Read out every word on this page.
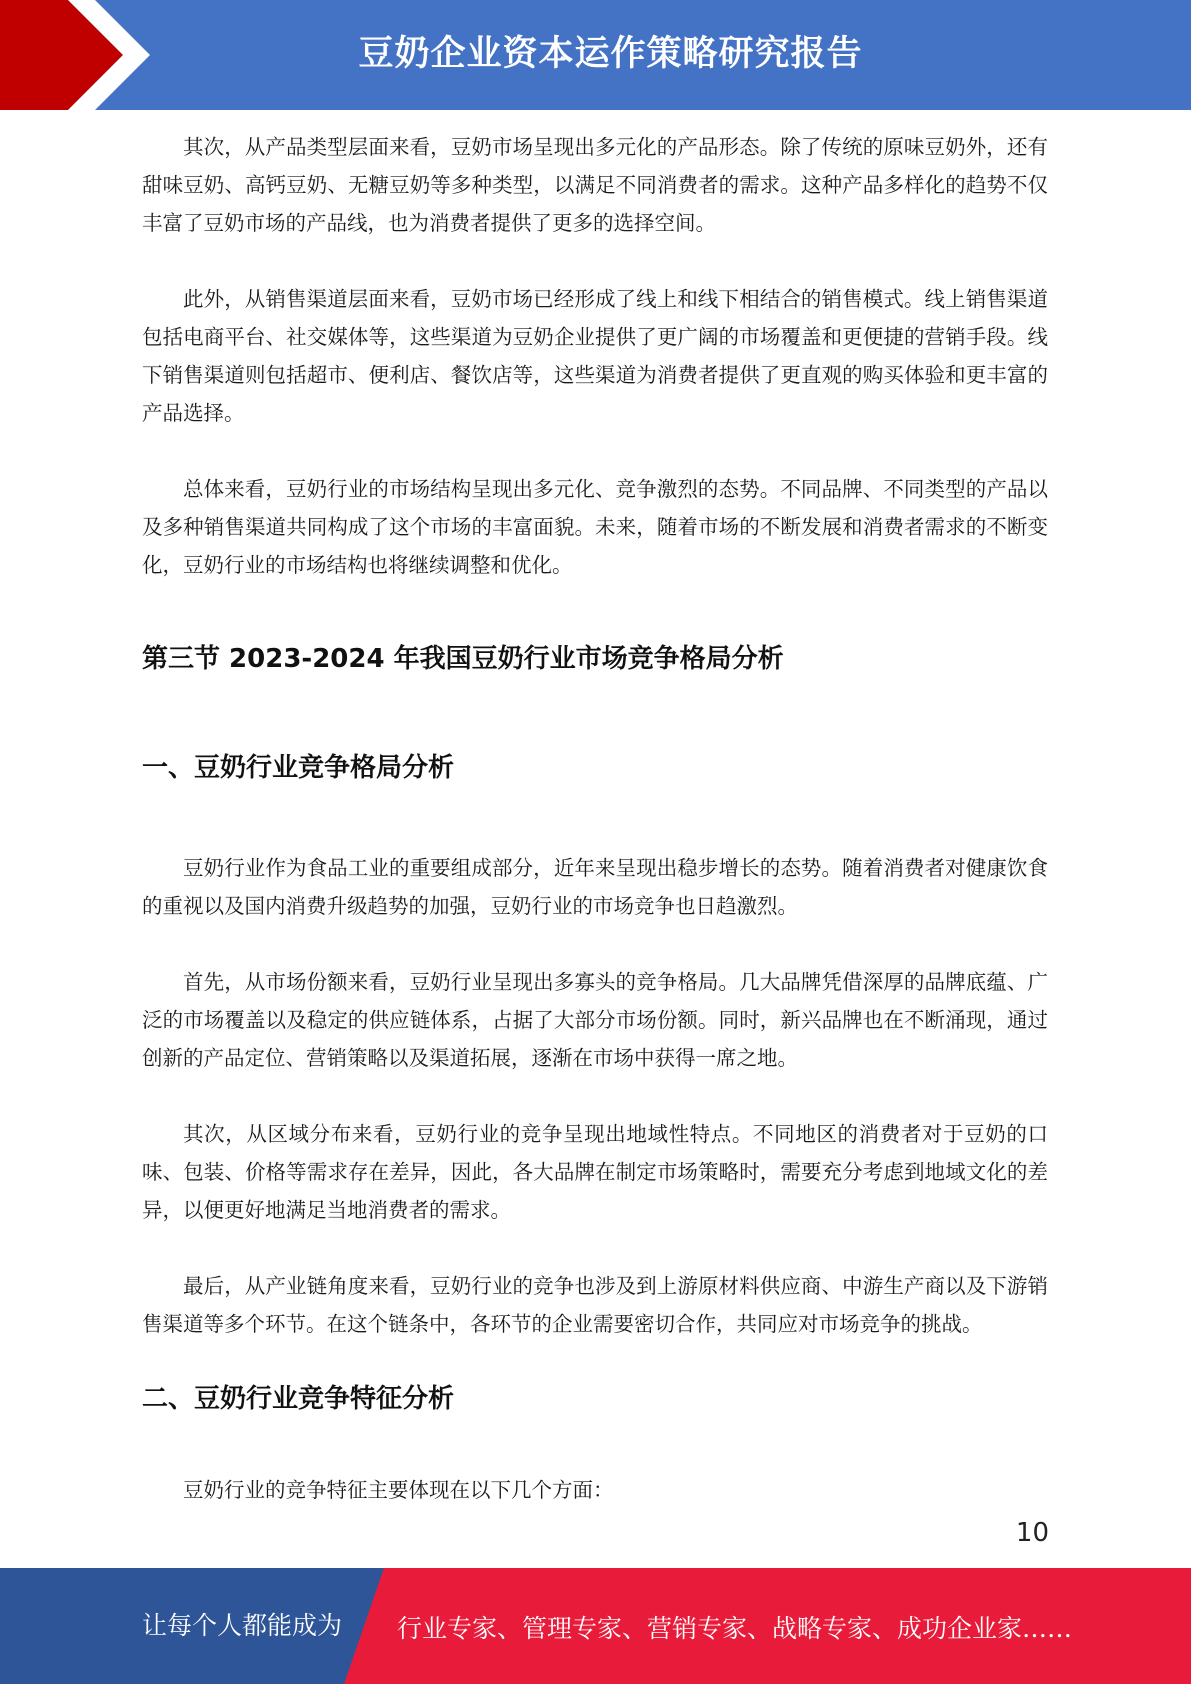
豆奶企业资本运作策略研究报告

其次，从产品类型层面来看，豆奶市场呈现出多元化的产品形态。除了传统的原味豆奶外，还有甜味豆奶、高钙豆奶、无糖豆奶等多种类型，以满足不同消费者的需求。这种产品多样化的趋势不仅丰富了豆奶市场的产品线，也为消费者提供了更多的选择空间。

此外，从销售渠道层面来看，豆奶市场已经形成了线上和线下相结合的销售模式。线上销售渠道包括电商平台、社交媒体等，这些渠道为豆奶企业提供了更广阔的市场覆盖和更便捷的营销手段。线下销售渠道则包括超市、便利店、餐饮店等，这些渠道为消费者提供了更直观的购买体验和更丰富的产品选择。

总体来看，豆奶行业的市场结构呈现出多元化、竞争激烈的态势。不同品牌、不同类型的产品以及多种销售渠道共同构成了这个市场的丰富面貌。未来，随着市场的不断发展和消费者需求的不断变化，豆奶行业的市场结构也将继续调整和优化。

第三节 2023-2024 年我国豆奶行业市场竞争格局分析
一、豆奶行业竞争格局分析

豆奶行业作为食品工业的重要组成部分，近年来呈现出稳步增长的态势。随着消费者对健康饮食的重视以及国内消费升级趋势的加强，豆奶行业的市场竞争也日趋激烈。

首先，从市场份额来看，豆奶行业呈现出多寡头的竞争格局。几大品牌凭借深厚的品牌底蕴、广泛的市场覆盖以及稳定的供应链体系，占据了大部分市场份额。同时，新兴品牌也在不断涌现，通过创新的产品定位、营销策略以及渠道拓展，逐渐在市场中获得一席之地。

其次，从区域分布来看，豆奶行业的竞争呈现出地域性特点。不同地区的消费者对于豆奶的口味、包装、价格等需求存在差异，因此，各大品牌在制定市场策略时，需要充分考虑到地域文化的差异，以便更好地满足当地消费者的需求。

最后，从产业链角度来看，豆奶行业的竞争也涉及到上游原材料供应商、中游生产商以及下游销售渠道等多个环节。在这个链条中，各环节的企业需要密切合作，共同应对市场竞争的挑战。

二、豆奶行业竞争特征分析

豆奶行业的竞争特征主要体现在以下几个方面：

10
让每个人都能成为 行业专家、管理专家、营销专家、战略专家、成功企业家……
